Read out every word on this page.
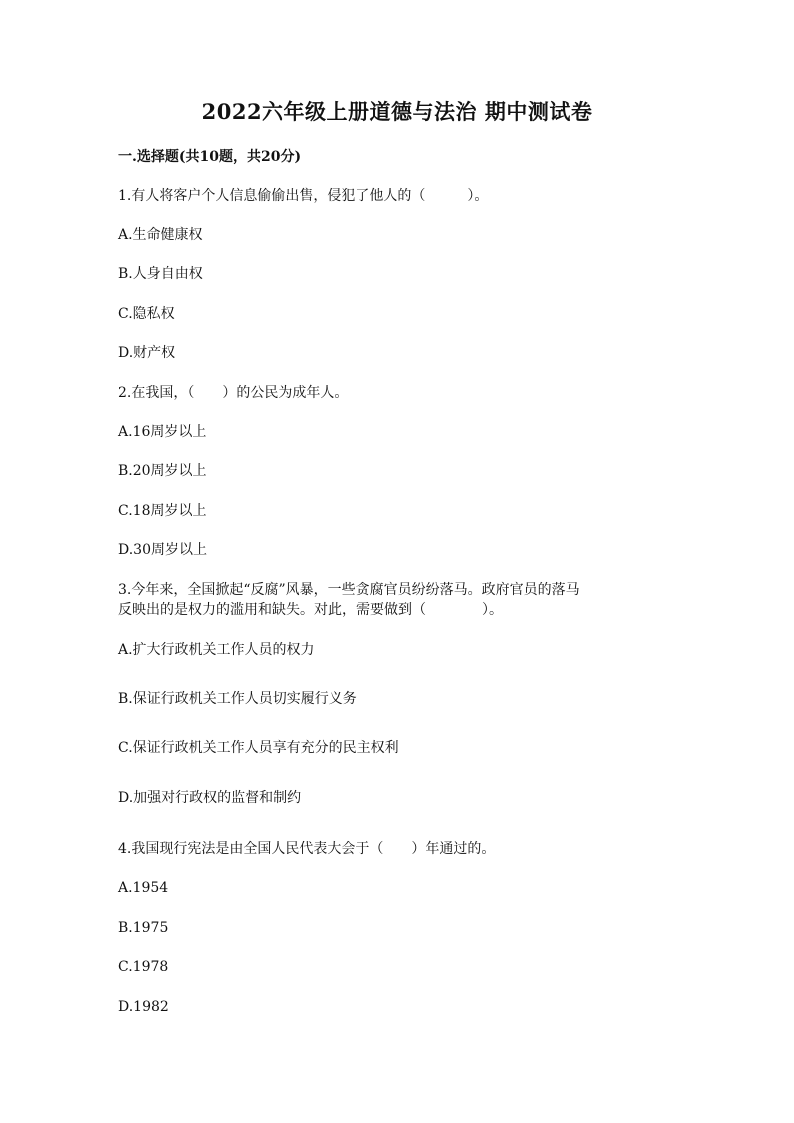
2022六年级上册道德与法治 期中测试卷
一.选择题(共10题，共20分)
1.有人将客户个人信息偷偷出售，侵犯了他人的（　　　）。
A.生命健康权
B.人身自由权
C.隐私权
D.财产权
2.在我国，（　　）的公民为成年人。
A.16周岁以上
B.20周岁以上
C.18周岁以上
D.30周岁以上
3.今年来，全国掀起“反腐”风暴，一些贪腐官员纷纷落马。政府官员的落马
反映出的是权力的滥用和缺失。对此，需要做到（　　　　）。
A.扩大行政机关工作人员的权力
B.保证行政机关工作人员切实履行义务
C.保证行政机关工作人员享有充分的民主权利
D.加强对行政权的监督和制约
4.我国现行宪法是由全国人民代表大会于（　　）年通过的。
A.1954
B.1975
C.1978
D.1982
